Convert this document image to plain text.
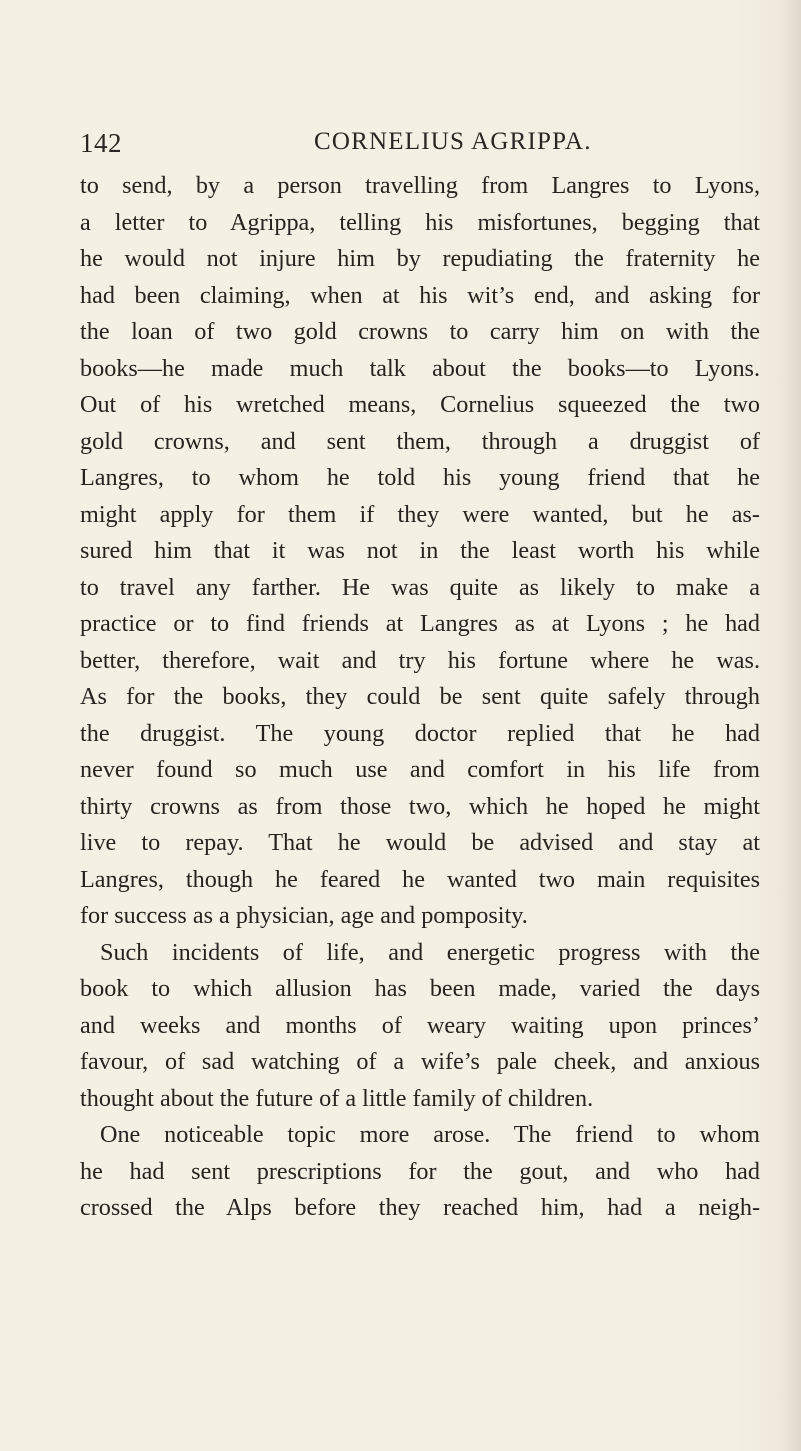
142	CORNELIUS AGRIPPA.
to send, by a person travelling from Langres to Lyons,
a letter to Agrippa, telling his misfortunes, begging that
he would not injure him by repudiating the fraternity he
had been claiming, when at his wit’s end, and asking for
the loan of two gold crowns to carry him on with the
books—he made much talk about the books—to Lyons.
Out of his wretched means, Cornelius squeezed the two
gold crowns, and sent them, through a druggist of
Langres, to whom he told his young friend that he
might apply for them if they were wanted, but he as-
sured him that it was not in the least worth his while
to travel any farther. He was quite as likely to make a
practice or to find friends at Langres as at Lyons ; he had
better, therefore, wait and try his fortune where he was.
As for the books, they could be sent quite safely through
the druggist. The young doctor replied that he had
never found so much use and comfort in his life from
thirty crowns as from those two, which he hoped he might
live to repay. That he would be advised and stay at
Langres, though he feared he wanted two main requisites
for success as a physician, age and pomposity.
Such incidents of life, and energetic progress with the
book to which allusion has been made, varied the days
and weeks and months of weary waiting upon princes’
favour, of sad watching of a wife’s pale cheek, and anxious
thought about the future of a little family of children.
One noticeable topic more arose. The friend to whom
he had sent prescriptions for the gout, and who had
crossed the Alps before they reached him, had a neigh-
